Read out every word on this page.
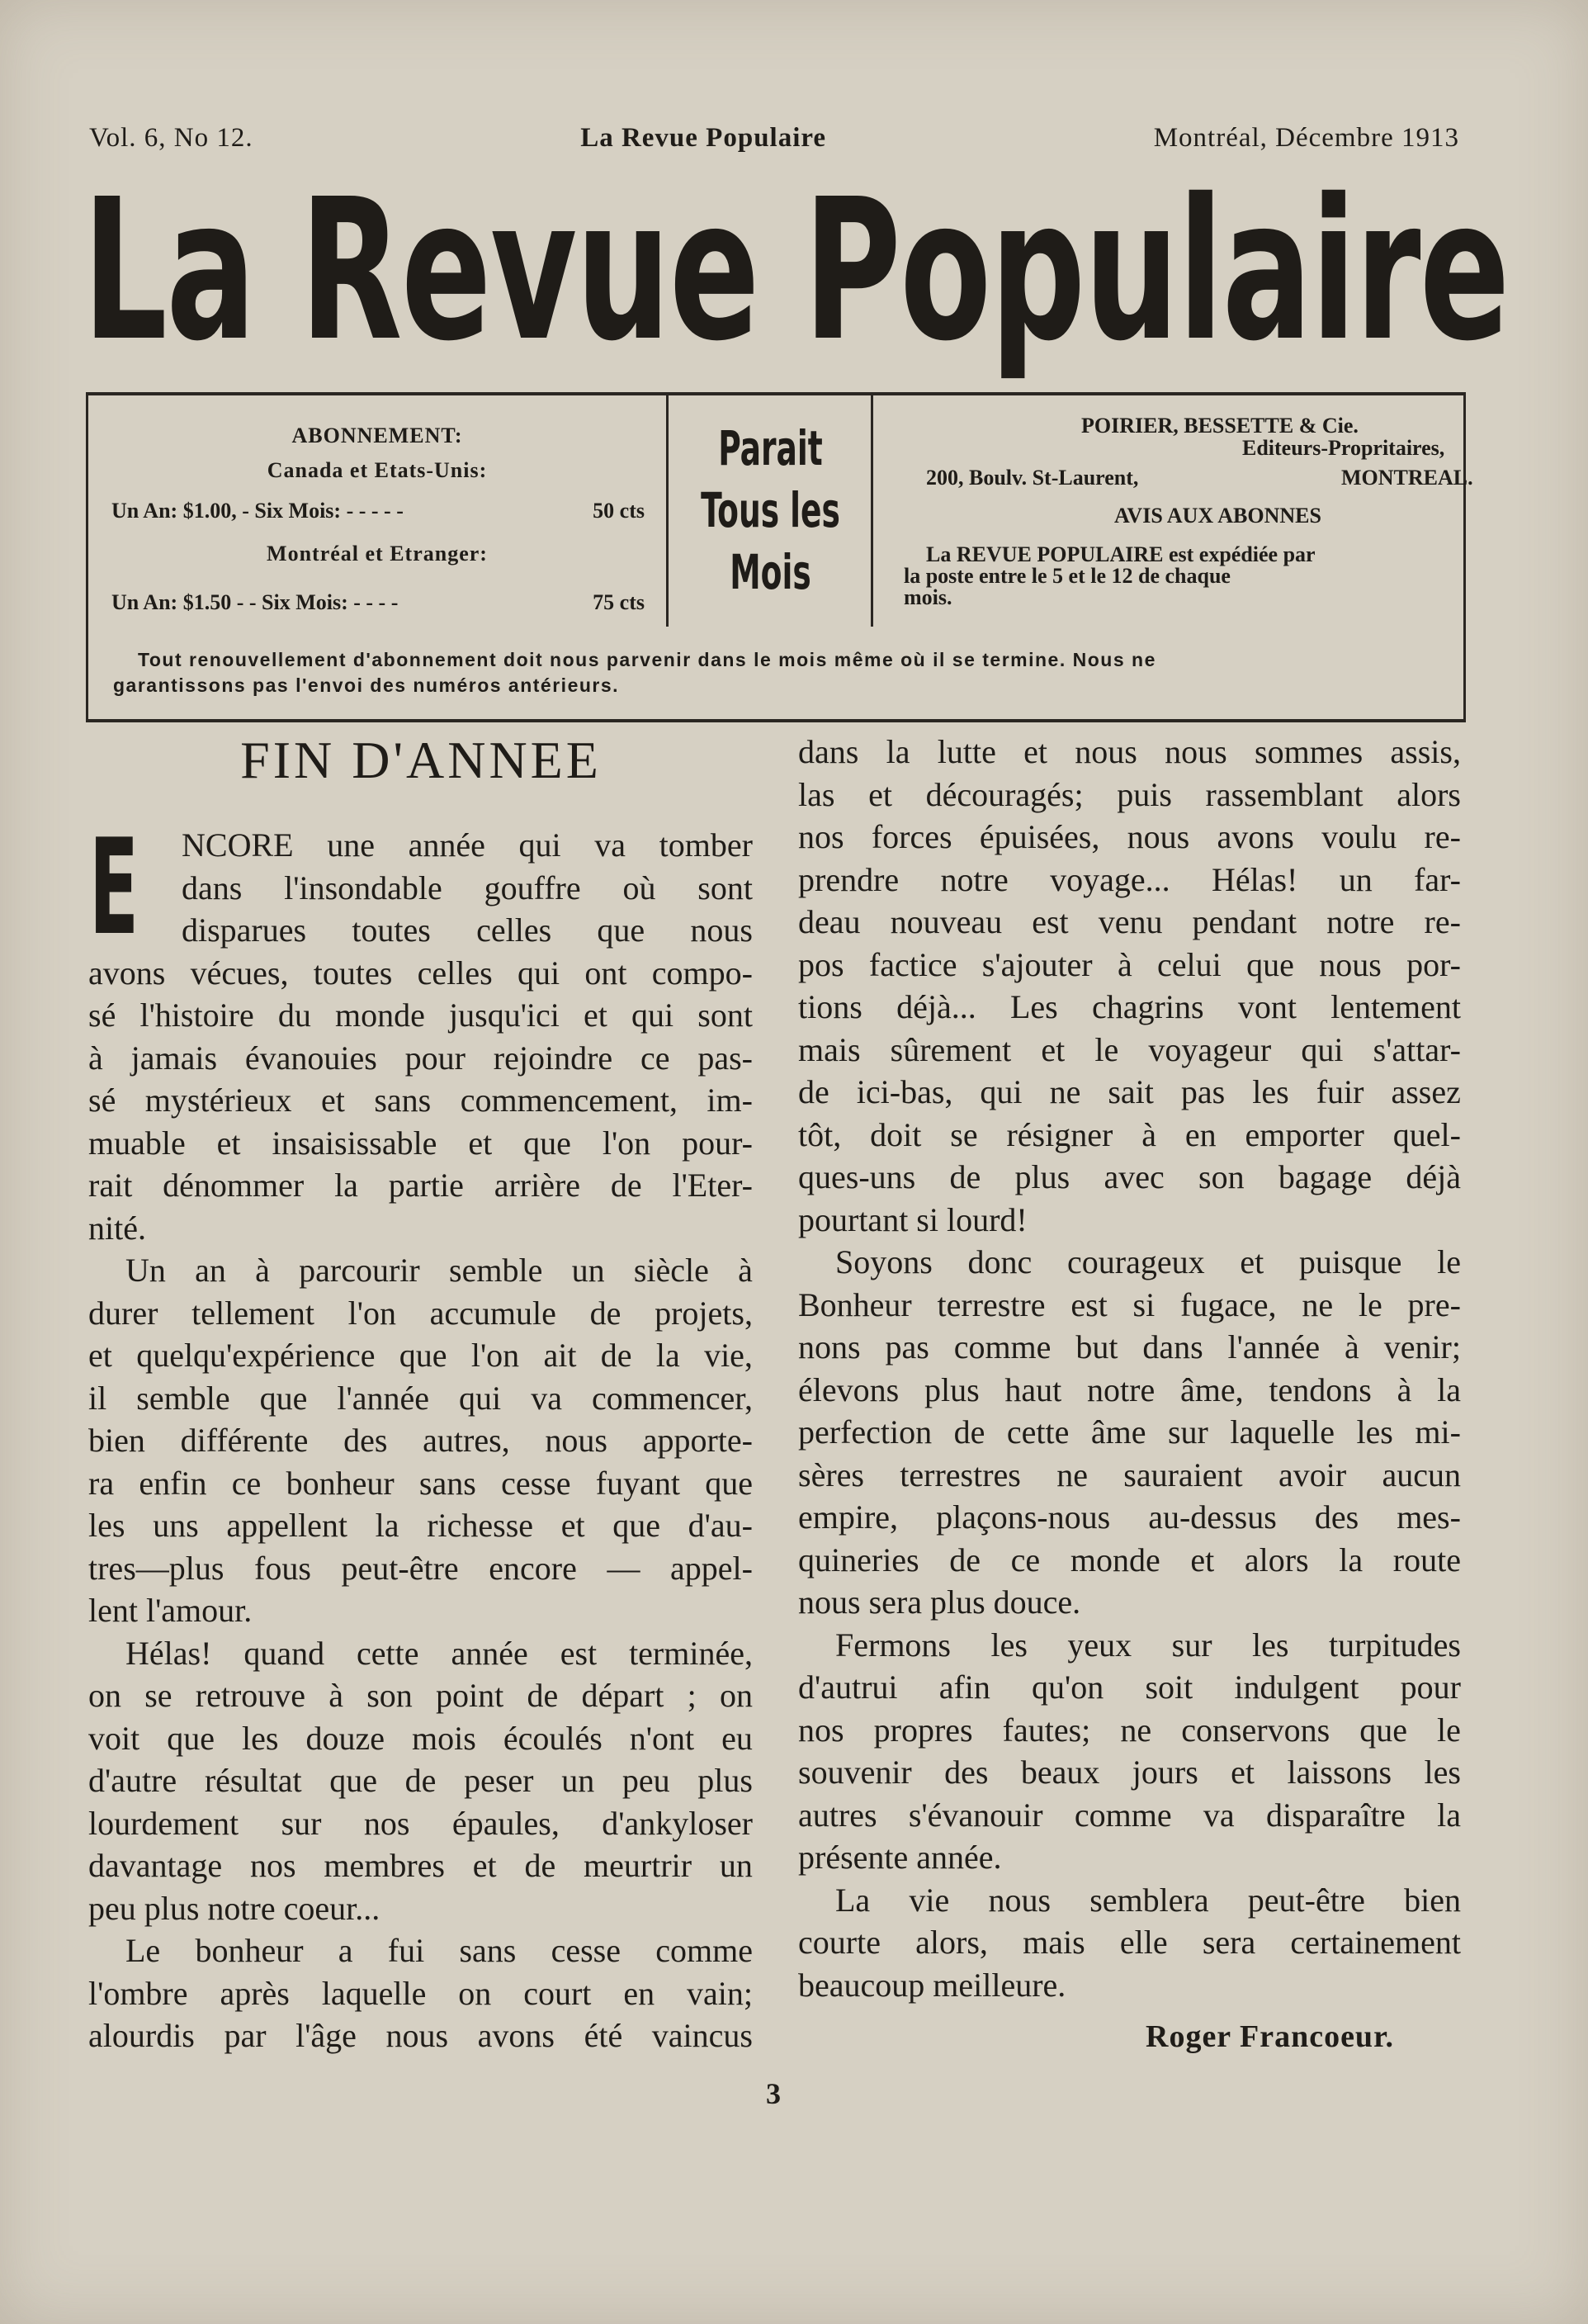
Vol. 6, No 12.	La Revue Populaire	Montréal, Décembre 1913
La Revue Populaire
ABONNEMENT:
Canada et Etats-Unis:
Un An: $1.00, - Six Mois: - - - - -	50 cts
Montréal et Etranger:
Un An: $1.50 - - Six Mois: - - - -	75 cts
Parait
Tous les
Mois
POIRIER, BESSETTE & Cie.
Editeurs-Propritaires,
200, Boulv. St-Laurent,	MONTREAL.
AVIS AUX ABONNES
La REVUE POPULAIRE est expédiée par
la poste entre le 5 et le 12 de chaque
mois.
Tout renouvellement d'abonnement doit nous parvenir dans le mois même où il se termine. Nous ne
garantissons pas l'envoi des numéros antérieurs.
FIN D'ANNEE
E NCORE une année qui va tomber
dans l'insondable gouffre où sont
disparues toutes celles que nous
avons vécues, toutes celles qui ont compo-
sé l'histoire du monde jusqu'ici et qui sont
à jamais évanouies pour rejoindre ce pas-
sé mystérieux et sans commencement, im-
muable et insaisissable et que l'on pour-
rait dénommer la partie arrière de l'Eter-
nité.
Un an à parcourir semble un siècle à
durer tellement l'on accumule de projets,
et quelqu'expérience que l'on ait de la vie,
il semble que l'année qui va commencer,
bien différente des autres, nous apporte-
ra enfin ce bonheur sans cesse fuyant que
les uns appellent la richesse et que d'au-
tres—plus fous peut-être encore — appel-
lent l'amour.
Hélas! quand cette année est terminée,
on se retrouve à son point de départ ; on
voit que les douze mois écoulés n'ont eu
d'autre résultat que de peser un peu plus
lourdement sur nos épaules, d'ankyloser
davantage nos membres et de meurtrir un
peu plus notre coeur...
Le bonheur a fui sans cesse comme
l'ombre après laquelle on court en vain;
alourdis par l'âge nous avons été vaincus
dans la lutte et nous nous sommes assis,
las et découragés; puis rassemblant alors
nos forces épuisées, nous avons voulu re-
prendre notre voyage... Hélas! un far-
deau nouveau est venu pendant notre re-
pos factice s'ajouter à celui que nous por-
tions déjà... Les chagrins vont lentement
mais sûrement et le voyageur qui s'attar-
de ici-bas, qui ne sait pas les fuir assez
tôt, doit se résigner à en emporter quel-
ques-uns de plus avec son bagage déjà
pourtant si lourd!
Soyons donc courageux et puisque le
Bonheur terrestre est si fugace, ne le pre-
nons pas comme but dans l'année à venir;
élevons plus haut notre âme, tendons à la
perfection de cette âme sur laquelle les mi-
sères terrestres ne sauraient avoir aucun
empire, plaçons-nous au-dessus des mes-
quineries de ce monde et alors la route
nous sera plus douce.
Fermons les yeux sur les turpitudes
d'autrui afin qu'on soit indulgent pour
nos propres fautes; ne conservons que le
souvenir des beaux jours et laissons les
autres s'évanouir comme va disparaître la
présente année.
La vie nous semblera peut-être bien
courte alors, mais elle sera certainement
beaucoup meilleure.
Roger Francoeur.
3
